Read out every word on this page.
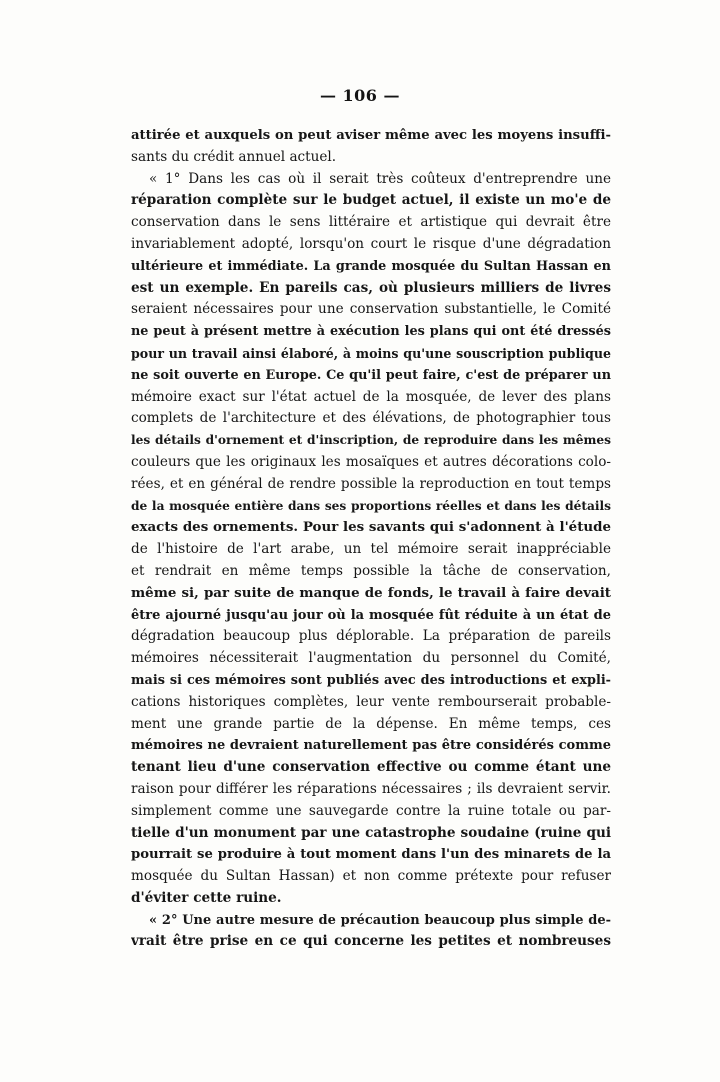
— 106 —
attirée et auxquels on peut aviser même avec les moyens insuffi-
sants du crédit annuel actuel.
« 1° Dans les cas où il serait très coûteux d'entreprendre une
réparation complète sur le budget actuel, il existe un mo'e de
conservation dans le sens littéraire et artistique qui devrait être
invariablement adopté, lorsqu'on court le risque d'une dégradation
ultérieure et immédiate. La grande mosquée du Sultan Hassan en
est un exemple. En pareils cas, où plusieurs milliers de livres
seraient nécessaires pour une conservation substantielle, le Comité
ne peut à présent mettre à exécution les plans qui ont été dressés
pour un travail ainsi élaboré, à moins qu'une souscription publique
ne soit ouverte en Europe. Ce qu'il peut faire, c'est de préparer un
mémoire exact sur l'état actuel de la mosquée, de lever des plans
complets de l'architecture et des élévations, de photographier tous
les détails d'ornement et d'inscription, de reproduire dans les mêmes
couleurs que les originaux les mosaïques et autres décorations colo-
rées, et en général de rendre possible la reproduction en tout temps
de la mosquée entière dans ses proportions réelles et dans les détails
exacts des ornements. Pour les savants qui s'adonnent à l'étude
de l'histoire de l'art arabe, un tel mémoire serait inappréciable
et rendrait en même temps possible la tâche de conservation,
même si, par suite de manque de fonds, le travail à faire devait
être ajourné jusqu'au jour où la mosquée fût réduite à un état de
dégradation beaucoup plus déplorable. La préparation de pareils
mémoires nécessiterait l'augmentation du personnel du Comité,
mais si ces mémoires sont publiés avec des introductions et expli-
cations historiques complètes, leur vente rembourserait probable-
ment une grande partie de la dépense. En même temps, ces
mémoires ne devraient naturellement pas être considérés comme
tenant lieu d'une conservation effective ou comme étant une
raison pour différer les réparations nécessaires ; ils devraient servir.
simplement comme une sauvegarde contre la ruine totale ou par-
tielle d'un monument par une catastrophe soudaine (ruine qui
pourrait se produire à tout moment dans l'un des minarets de la
mosquée du Sultan Hassan) et non comme prétexte pour refuser
d'éviter cette ruine.
« 2° Une autre mesure de précaution beaucoup plus simple de-
vrait être prise en ce qui concerne les petites et nombreuses
